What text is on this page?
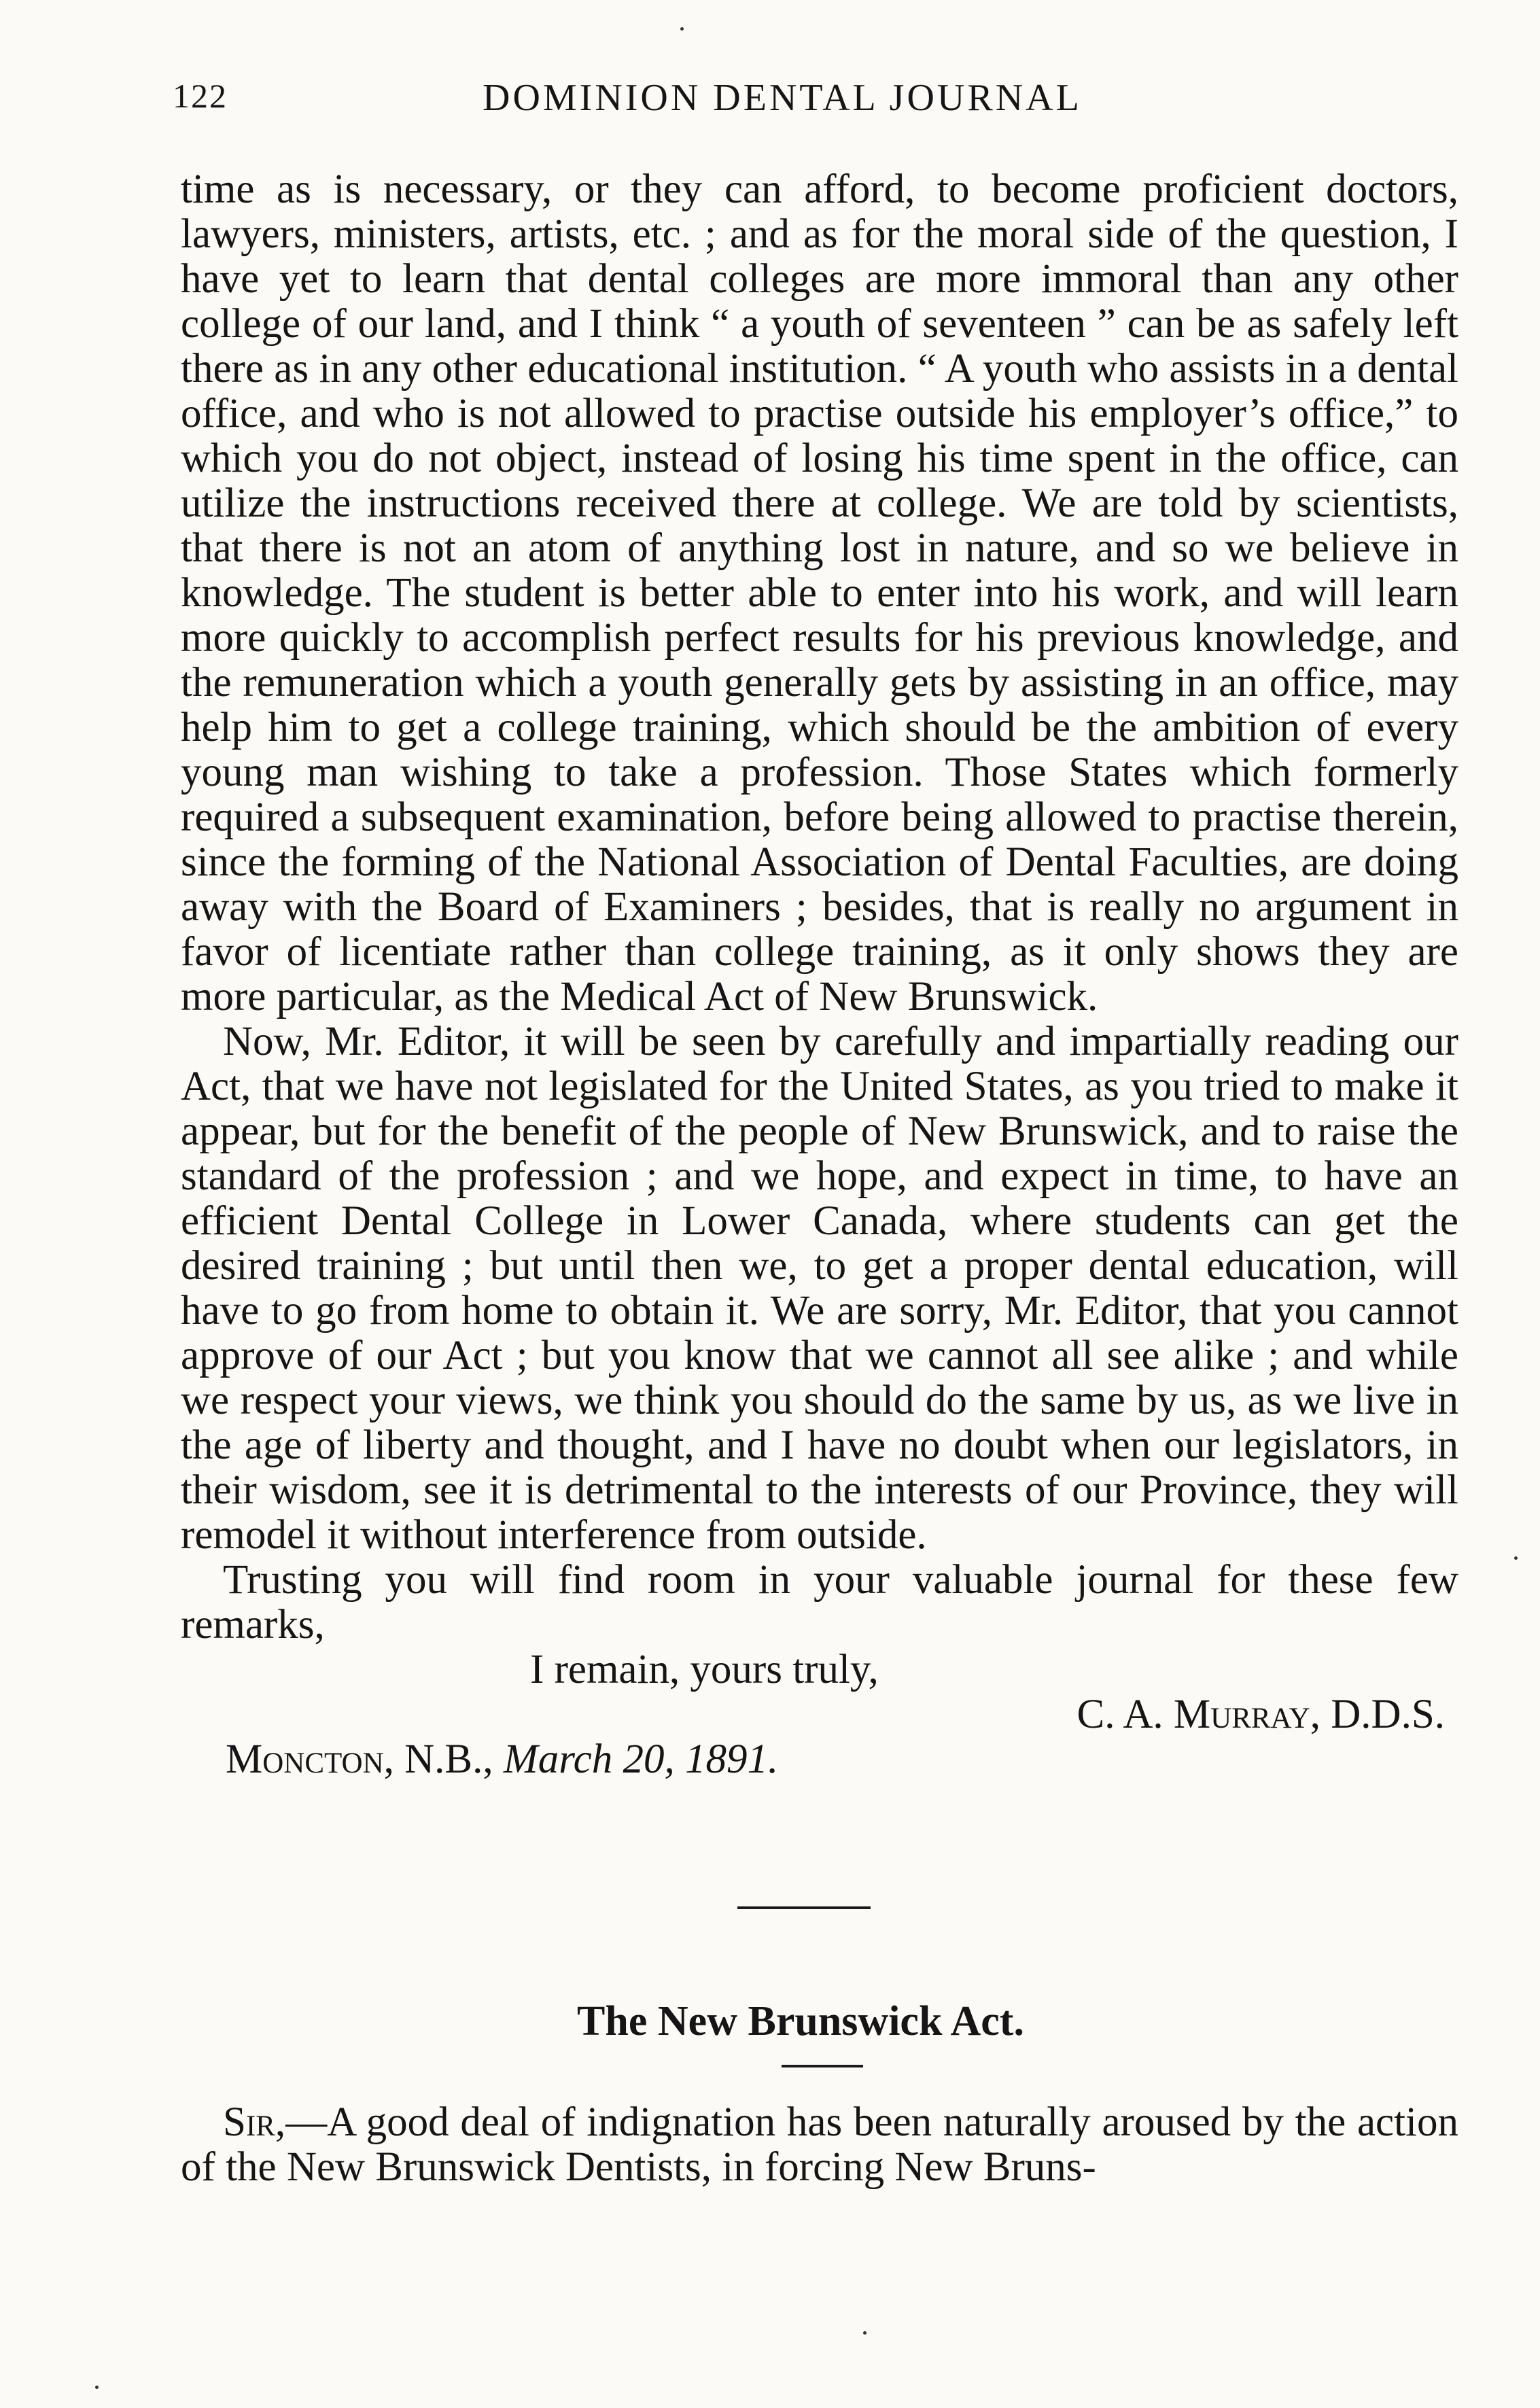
122	DOMINION DENTAL JOURNAL

time as is necessary, or they can afford, to become proficient doctors, lawyers, ministers, artists, etc. ; and as for the moral side of the question, I have yet to learn that dental colleges are more immoral than any other college of our land, and I think “ a youth of seventeen ” can be as safely left there as in any other educational institution. “ A youth who assists in a dental office, and who is not allowed to practise outside his employer’s office,” to which you do not object, instead of losing his time spent in the office, can utilize the instructions received there at college. We are told by scientists, that there is not an atom of anything lost in nature, and so we believe in knowledge. The student is better able to enter into his work, and will learn more quickly to accomplish perfect results for his previous knowledge, and the remuneration which a youth generally gets by assisting in an office, may help him to get a college training, which should be the ambition of every young man wishing to take a profession. Those States which formerly required a subsequent examination, before being allowed to practise therein, since the forming of the National Association of Dental Faculties, are doing away with the Board of Examiners ; besides, that is really no argument in favor of licentiate rather than college training, as it only shows they are more particular, as the Medical Act of New Brunswick.

Now, Mr. Editor, it will be seen by carefully and impartially reading our Act, that we have not legislated for the United States, as you tried to make it appear, but for the benefit of the people of New Brunswick, and to raise the standard of the profession ; and we hope, and expect in time, to have an efficient Dental College in Lower Canada, where students can get the desired training ; but until then we, to get a proper dental education, will have to go from home to obtain it. We are sorry, Mr. Editor, that you cannot approve of our Act ; but you know that we cannot all see alike ; and while we respect your views, we think you should do the same by us, as we live in the age of liberty and thought, and I have no doubt when our legislators, in their wisdom, see it is detrimental to the interests of our Province, they will remodel it without interference from outside.

Trusting you will find room in your valuable journal for these few remarks,

I remain, yours truly,

C. A. Murray, D.D.S.

Moncton, N.B., March 20, 1891.

The New Brunswick Act.

Sir,—A good deal of indignation has been naturally aroused by the action of the New Brunswick Dentists, in forcing New Bruns-
